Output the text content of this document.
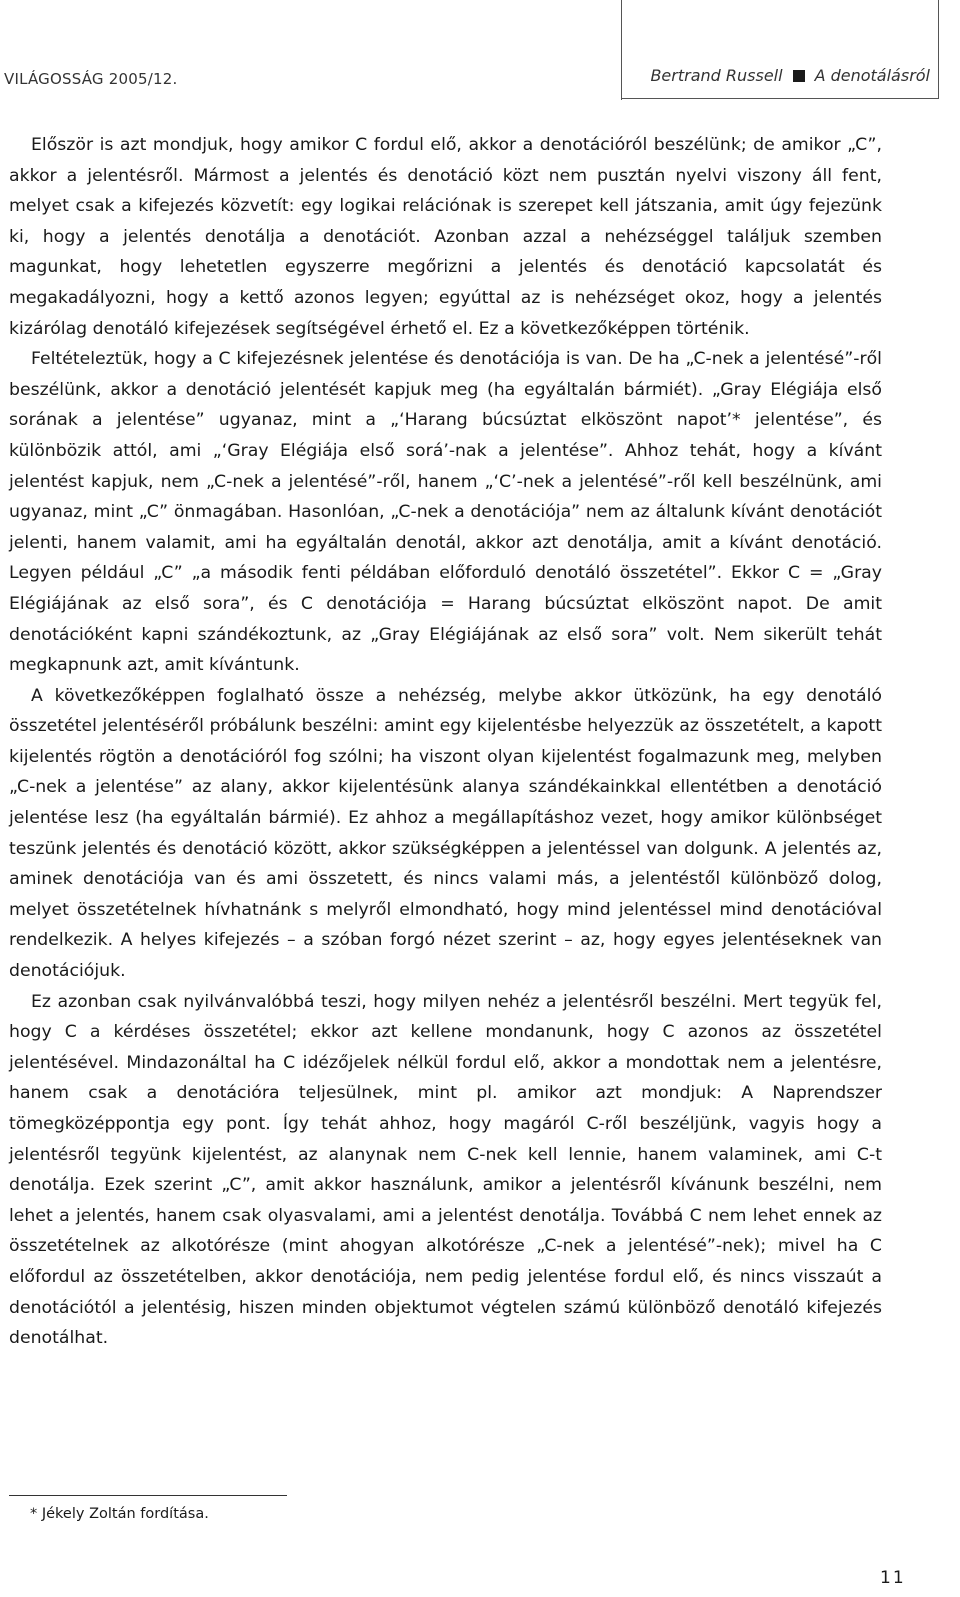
VILÁGOSSÁG 2005/12.	Bertrand Russell A denotálásról

Először is azt mondjuk, hogy amikor C fordul elő, akkor a denotációról beszélünk; de amikor „C”, akkor a jelentésről. Mármost a jelentés és denotáció közt nem pusztán nyelvi viszony áll fent, melyet csak a kifejezés közvetít: egy logikai relációnak is szerepet kell játszania, amit úgy fejezünk ki, hogy a jelentés denotálja a denotációt. Azonban azzal a nehézséggel találjuk szemben magunkat, hogy lehetetlen egyszerre megőrizni a jelentés és denotáció kapcsolatát és megakadályozni, hogy a kettő azonos legyen; egyúttal az is nehézséget okoz, hogy a jelentés kizárólag denotáló kifejezések segítségével érhető el. Ez a következőképpen történik.

Feltételeztük, hogy a C kifejezésnek jelentése és denotációja is van. De ha „C-nek a jelentésé”-ről beszélünk, akkor a denotáció jelentését kapjuk meg (ha egyáltalán bármiét). „Gray Elégiája első sorának a jelentése” ugyanaz, mint a „‘Harang búcsúztat elköszönt napot’* jelentése”, és különbözik attól, ami „‘Gray Elégiája első sorá’-nak a jelentése”. Ahhoz tehát, hogy a kívánt jelentést kapjuk, nem „C-nek a jelentésé”-ről, hanem „‘C’-nek a jelentésé”-ről kell beszélnünk, ami ugyanaz, mint „C” önmagában. Hasonlóan, „C-nek a denotációja” nem az általunk kívánt denotációt jelenti, hanem valamit, ami ha egyáltalán denotál, akkor azt denotálja, amit a kívánt denotáció. Legyen például „C” „a második fenti példában előforduló denotáló összetétel”. Ekkor C = „Gray Elégiájának az első sora”, és C denotációja = Harang búcsúztat elköszönt napot. De amit denotációként kapni szándékoztunk, az „Gray Elégiájának az első sora” volt. Nem sikerült tehát megkapnunk azt, amit kívántunk.

A következőképpen foglalható össze a nehézség, melybe akkor ütközünk, ha egy denotáló összetétel jelentéséről próbálunk beszélni: amint egy kijelentésbe helyezzük az összetételt, a kapott kijelentés rögtön a denotációról fog szólni; ha viszont olyan kijelentést fogalmazunk meg, melyben „C-nek a jelentése” az alany, akkor kijelentésünk alanya szándékainkkal ellentétben a denotáció jelentése lesz (ha egyáltalán bármié). Ez ahhoz a megállapításhoz vezet, hogy amikor különbséget teszünk jelentés és denotáció között, akkor szükségképpen a jelentéssel van dolgunk. A jelentés az, aminek denotációja van és ami összetett, és nincs valami más, a jelentéstől különböző dolog, melyet összetételnek hívhatnánk s melyről elmondható, hogy mind jelentéssel mind denotációval rendelkezik. A helyes kifejezés – a szóban forgó nézet szerint – az, hogy egyes jelentéseknek van denotációjuk.

Ez azonban csak nyilvánvalóbbá teszi, hogy milyen nehéz a jelentésről beszélni. Mert tegyük fel, hogy C a kérdéses összetétel; ekkor azt kellene mondanunk, hogy C azonos az összetétel jelentésével. Mindazonáltal ha C idézőjelek nélkül fordul elő, akkor a mondottak nem a jelentésre, hanem csak a denotációra teljesülnek, mint pl. amikor azt mondjuk: A Naprendszer tömegközéppontja egy pont. Így tehát ahhoz, hogy magáról C-ről beszéljünk, vagyis hogy a jelentésről tegyünk kijelentést, az alanynak nem C-nek kell lennie, hanem valaminek, ami C-t denotálja. Ezek szerint „C”, amit akkor használunk, amikor a jelentésről kívánunk beszélni, nem lehet a jelentés, hanem csak olyasvalami, ami a jelentést denotálja. Továbbá C nem lehet ennek az összetételnek az alkotórésze (mint ahogyan alkotórésze „C-nek a jelentésé”-nek); mivel ha C előfordul az összetételben, akkor denotációja, nem pedig jelentése fordul elő, és nincs visszaút a denotációtól a jelentésig, hiszen minden objektumot végtelen számú különböző denotáló kifejezés denotálhat.

* Jékely Zoltán fordítása.
11
